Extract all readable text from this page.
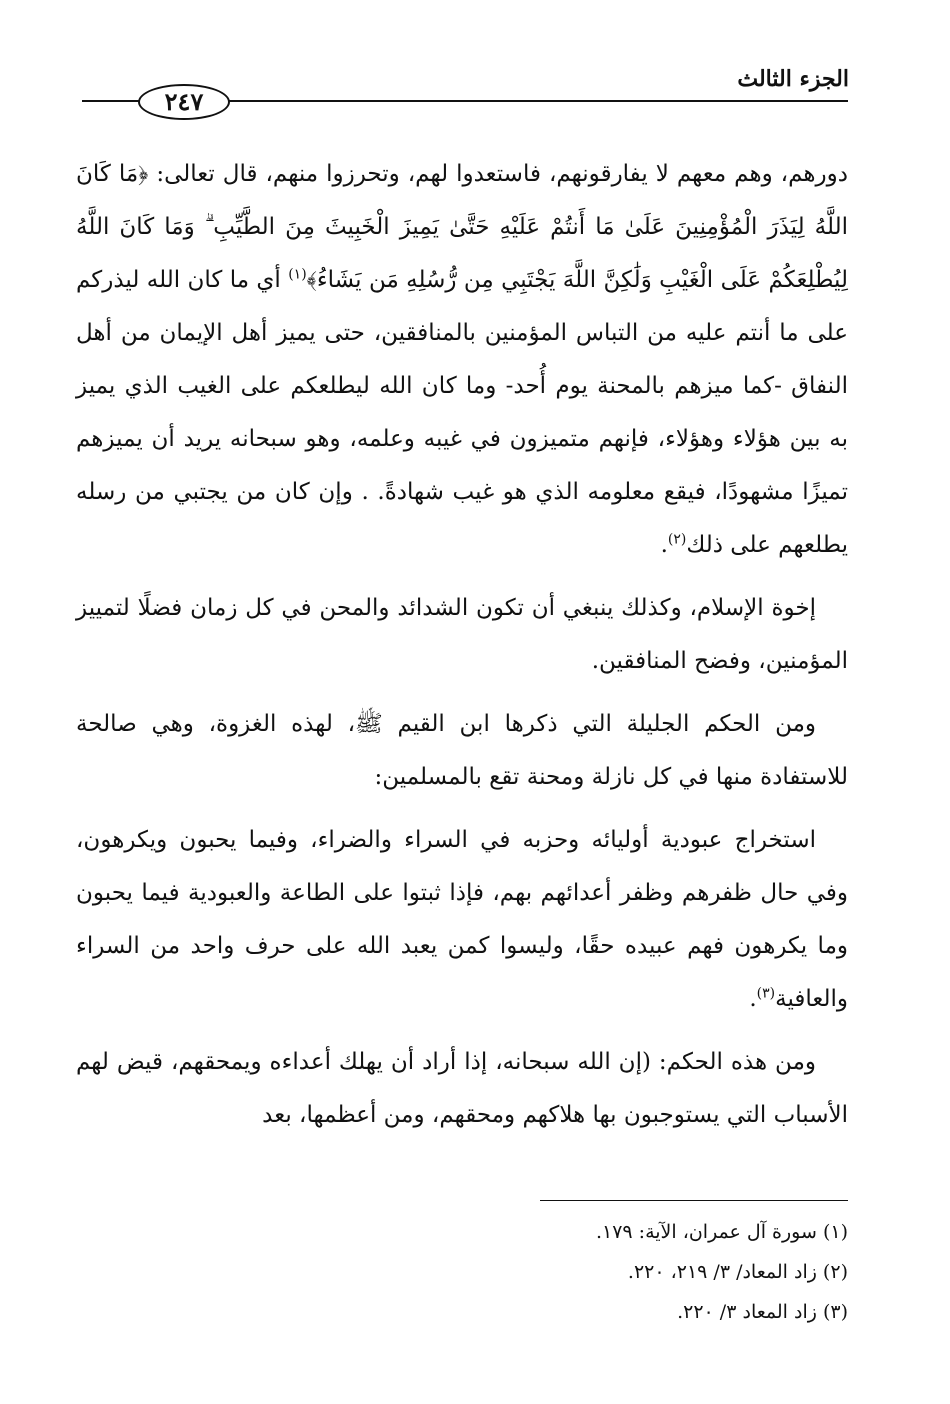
الجزء الثالث
٢٤٧

دورهم، وهم معهم لا يفارقونهم، فاستعدوا لهم، وتحرزوا منهم، قال تعالى: ﴿مَا كَانَ اللَّهُ لِيَذَرَ الْمُؤْمِنِينَ عَلَىٰ مَا أَنتُمْ عَلَيْهِ حَتَّىٰ يَمِيزَ الْخَبِيثَ مِنَ الطَّيِّبِ ۗ وَمَا كَانَ اللَّهُ لِيُطْلِعَكُمْ عَلَى الْغَيْبِ وَلَٰكِنَّ اللَّهَ يَجْتَبِي مِن رُّسُلِهِ مَن يَشَاءُ﴾$^{(١)}$ أي ما كان الله ليذركم على ما أنتم عليه من التباس المؤمنين بالمنافقين، حتى يميز أهل الإيمان من أهل النفاق -كما ميزهم بالمحنة يوم أُحد- وما كان الله ليطلعكم على الغيب الذي يميز به بين هؤلاء وهؤلاء، فإنهم متميزون في غيبه وعلمه، وهو سبحانه يريد أن يميزهم تميزًا مشهودًا، فيقع معلومه الذي هو غيب شهادةً. . وإن كان من يجتبي من رسله يطلعهم على ذلك$^{(٢)}$.

إخوة الإسلام، وكذلك ينبغي أن تكون الشدائد والمحن في كل زمان فضلًا لتمييز المؤمنين، وفضح المنافقين.

ومن الحكم الجليلة التي ذكرها ابن القيم ﷺ، لهذه الغزوة، وهي صالحة للاستفادة منها في كل نازلة ومحنة تقع بالمسلمين:

استخراج عبودية أوليائه وحزبه في السراء والضراء، وفيما يحبون ويكرهون، وفي حال ظفرهم وظفر أعدائهم بهم، فإذا ثبتوا على الطاعة والعبودية فيما يحبون وما يكرهون فهم عبيده حقًا، وليسوا كمن يعبد الله على حرف واحد من السراء والعافية$^{(٣)}$.

ومن هذه الحكم: (إن الله سبحانه، إذا أراد أن يهلك أعداءه ويمحقهم، قيض لهم الأسباب التي يستوجبون بها هلاكهم ومحقهم، ومن أعظمها، بعد

(١) سورة آل عمران، الآية: ١٧٩.

(٢) زاد المعاد/ ٣/ ٢١٩، ٢٢٠.

(٣) زاد المعاد ٣/ ٢٢٠.
